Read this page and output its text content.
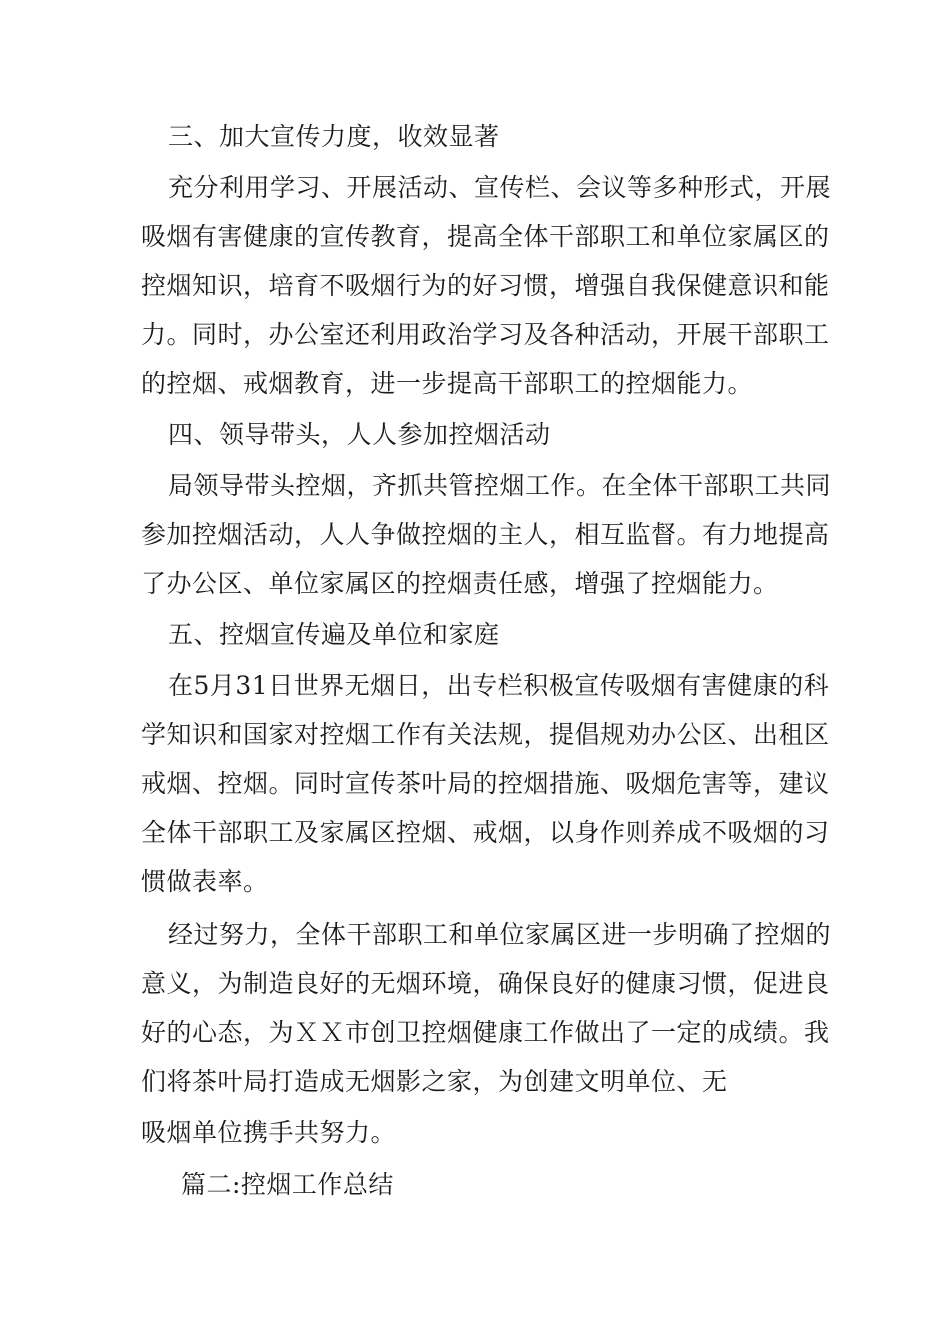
三、加大宣传力度，收效显著
充分利用学习、开展活动、宣传栏、会议等多种形式，开展
吸烟有害健康的宣传教育，提高全体干部职工和单位家属区的
控烟知识，培育不吸烟行为的好习惯，增强自我保健意识和能
力。同时，办公室还利用政治学习及各种活动，开展干部职工
的控烟、戒烟教育，进一步提高干部职工的控烟能力。
四、领导带头，人人参加控烟活动
局领导带头控烟，齐抓共管控烟工作。在全体干部职工共同
参加控烟活动，人人争做控烟的主人，相互监督。有力地提高
了办公区、单位家属区的控烟责任感，增强了控烟能力。
五、控烟宣传遍及单位和家庭
在5月31日世界无烟日，出专栏积极宣传吸烟有害健康的科
学知识和国家对控烟工作有关法规，提倡规劝办公区、出租区
戒烟、控烟。同时宣传茶叶局的控烟措施、吸烟危害等，建议
全体干部职工及家属区控烟、戒烟，以身作则养成不吸烟的习
惯做表率。
经过努力，全体干部职工和单位家属区进一步明确了控烟的
意义，为制造良好的无烟环境，确保良好的健康习惯，促进良
好的心态，为ＸＸ市创卫控烟健康工作做出了一定的成绩。我
们将茶叶局打造成无烟影之家，为创建文明单位、无
吸烟单位携手共努力。
篇二:控烟工作总结
